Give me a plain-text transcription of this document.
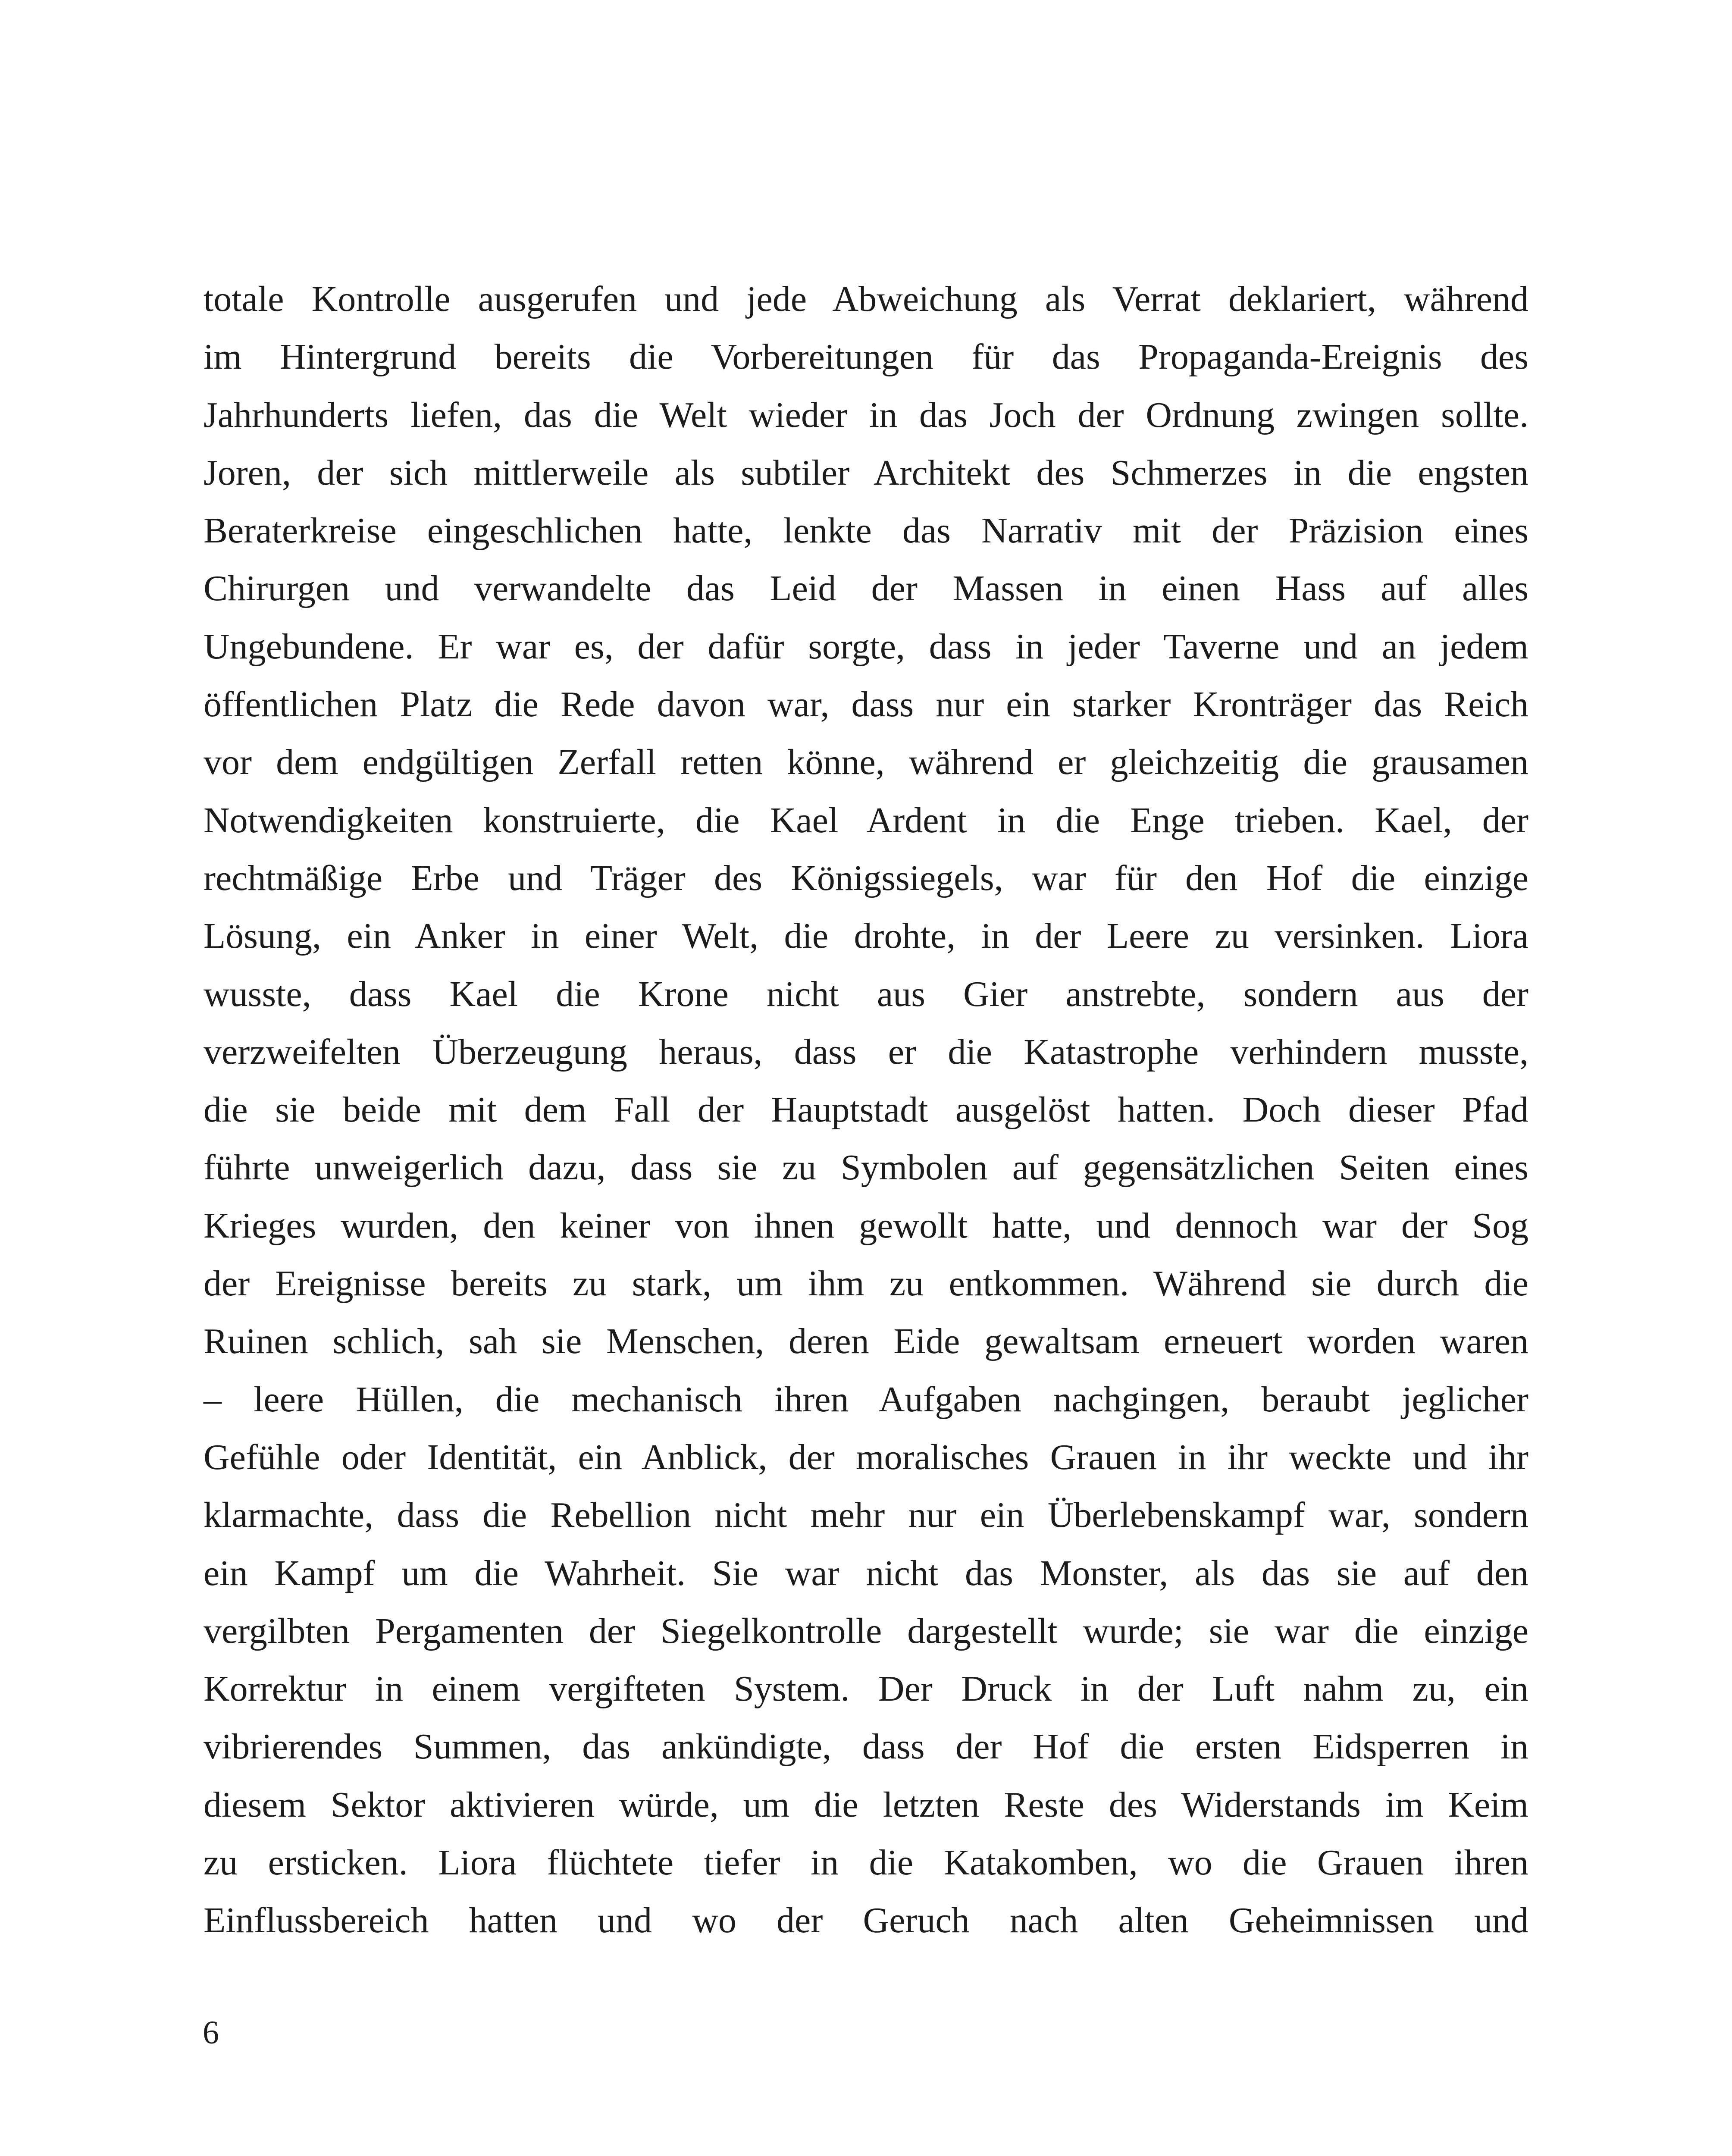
totale Kontrolle ausgerufen und jede Abweichung als Verrat deklariert, während
im Hintergrund bereits die Vorbereitungen für das Propaganda-Ereignis des
Jahrhunderts liefen, das die Welt wieder in das Joch der Ordnung zwingen sollte.
Joren, der sich mittlerweile als subtiler Architekt des Schmerzes in die engsten
Beraterkreise eingeschlichen hatte, lenkte das Narrativ mit der Präzision eines
Chirurgen und verwandelte das Leid der Massen in einen Hass auf alles
Ungebundene. Er war es, der dafür sorgte, dass in jeder Taverne und an jedem
öffentlichen Platz die Rede davon war, dass nur ein starker Kronträger das Reich
vor dem endgültigen Zerfall retten könne, während er gleichzeitig die grausamen
Notwendigkeiten konstruierte, die Kael Ardent in die Enge trieben. Kael, der
rechtmäßige Erbe und Träger des Königssiegels, war für den Hof die einzige
Lösung, ein Anker in einer Welt, die drohte, in der Leere zu versinken. Liora
wusste, dass Kael die Krone nicht aus Gier anstrebte, sondern aus der
verzweifelten Überzeugung heraus, dass er die Katastrophe verhindern musste,
die sie beide mit dem Fall der Hauptstadt ausgelöst hatten. Doch dieser Pfad
führte unweigerlich dazu, dass sie zu Symbolen auf gegensätzlichen Seiten eines
Krieges wurden, den keiner von ihnen gewollt hatte, und dennoch war der Sog
der Ereignisse bereits zu stark, um ihm zu entkommen. Während sie durch die
Ruinen schlich, sah sie Menschen, deren Eide gewaltsam erneuert worden waren
– leere Hüllen, die mechanisch ihren Aufgaben nachgingen, beraubt jeglicher
Gefühle oder Identität, ein Anblick, der moralisches Grauen in ihr weckte und ihr
klarmachte, dass die Rebellion nicht mehr nur ein Überlebenskampf war, sondern
ein Kampf um die Wahrheit. Sie war nicht das Monster, als das sie auf den
vergilbten Pergamenten der Siegelkontrolle dargestellt wurde; sie war die einzige
Korrektur in einem vergifteten System. Der Druck in der Luft nahm zu, ein
vibrierendes Summen, das ankündigte, dass der Hof die ersten Eidsperren in
diesem Sektor aktivieren würde, um die letzten Reste des Widerstands im Keim
zu ersticken. Liora flüchtete tiefer in die Katakomben, wo die Grauen ihren
Einflussbereich hatten und wo der Geruch nach alten Geheimnissen und
6
